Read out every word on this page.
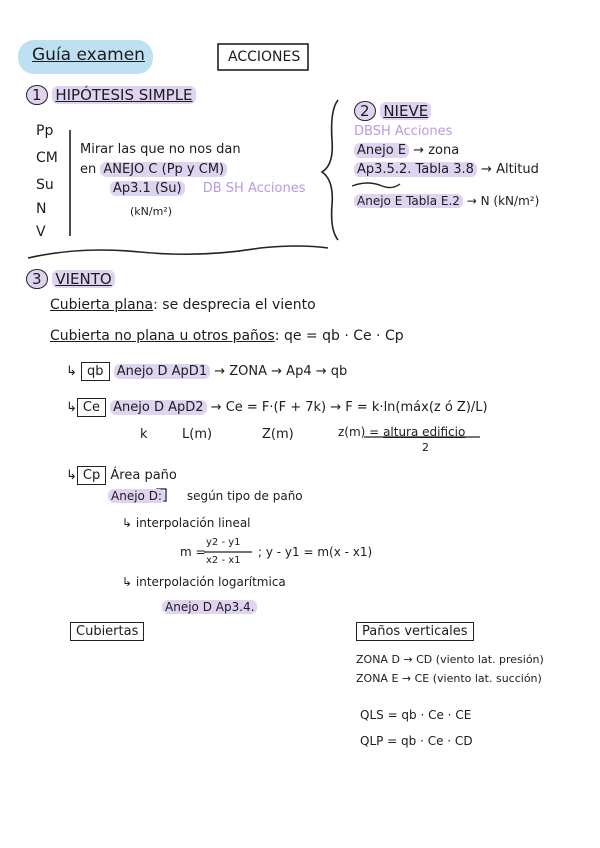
Guía examen	ACCIONES
1 HIPÓTESIS SIMPLE
Pp
CM
Su
N
V
Mirar las que no nos dan
en ANEJO C (Pp y CM)
Ap3.1 (Su) DB SH Acciones
(kN/m²)
2 NIEVE
DBSH Acciones
Anejo E → zona
Ap3.5.2. Tabla 3.8 → Altitud
Anejo E Tabla E.2 → N (kN/m²)
3 VIENTO
Cubierta plana: se desprecia el viento
Cubierta no plana u otros paños: qe = qb · Ce · Cp
↳ qb Anejo D ApD1 → ZONA → Ap4 → qb
↳ Ce Anejo D ApD2 → Ce = F·(F + 7k) → F = k·ln(máx(z ó Z)/L)
k	L(m)	Z(m)	z(m) = altura edificio
2
↳ Cp Área paño
Anejo D: según tipo de paño
↳ interpolación lineal
m =
y2 - y1
x2 - x1
; y - y1 = m(x - x1)
↳ interpolación logarítmica
Anejo D Ap3.4.
Cubiertas	Paños verticales
ZONA D → CD (viento lat. presión)
ZONA E → CE (viento lat. succión)
QLS = qb · Ce · CE
QLP = qb · Ce · CD
